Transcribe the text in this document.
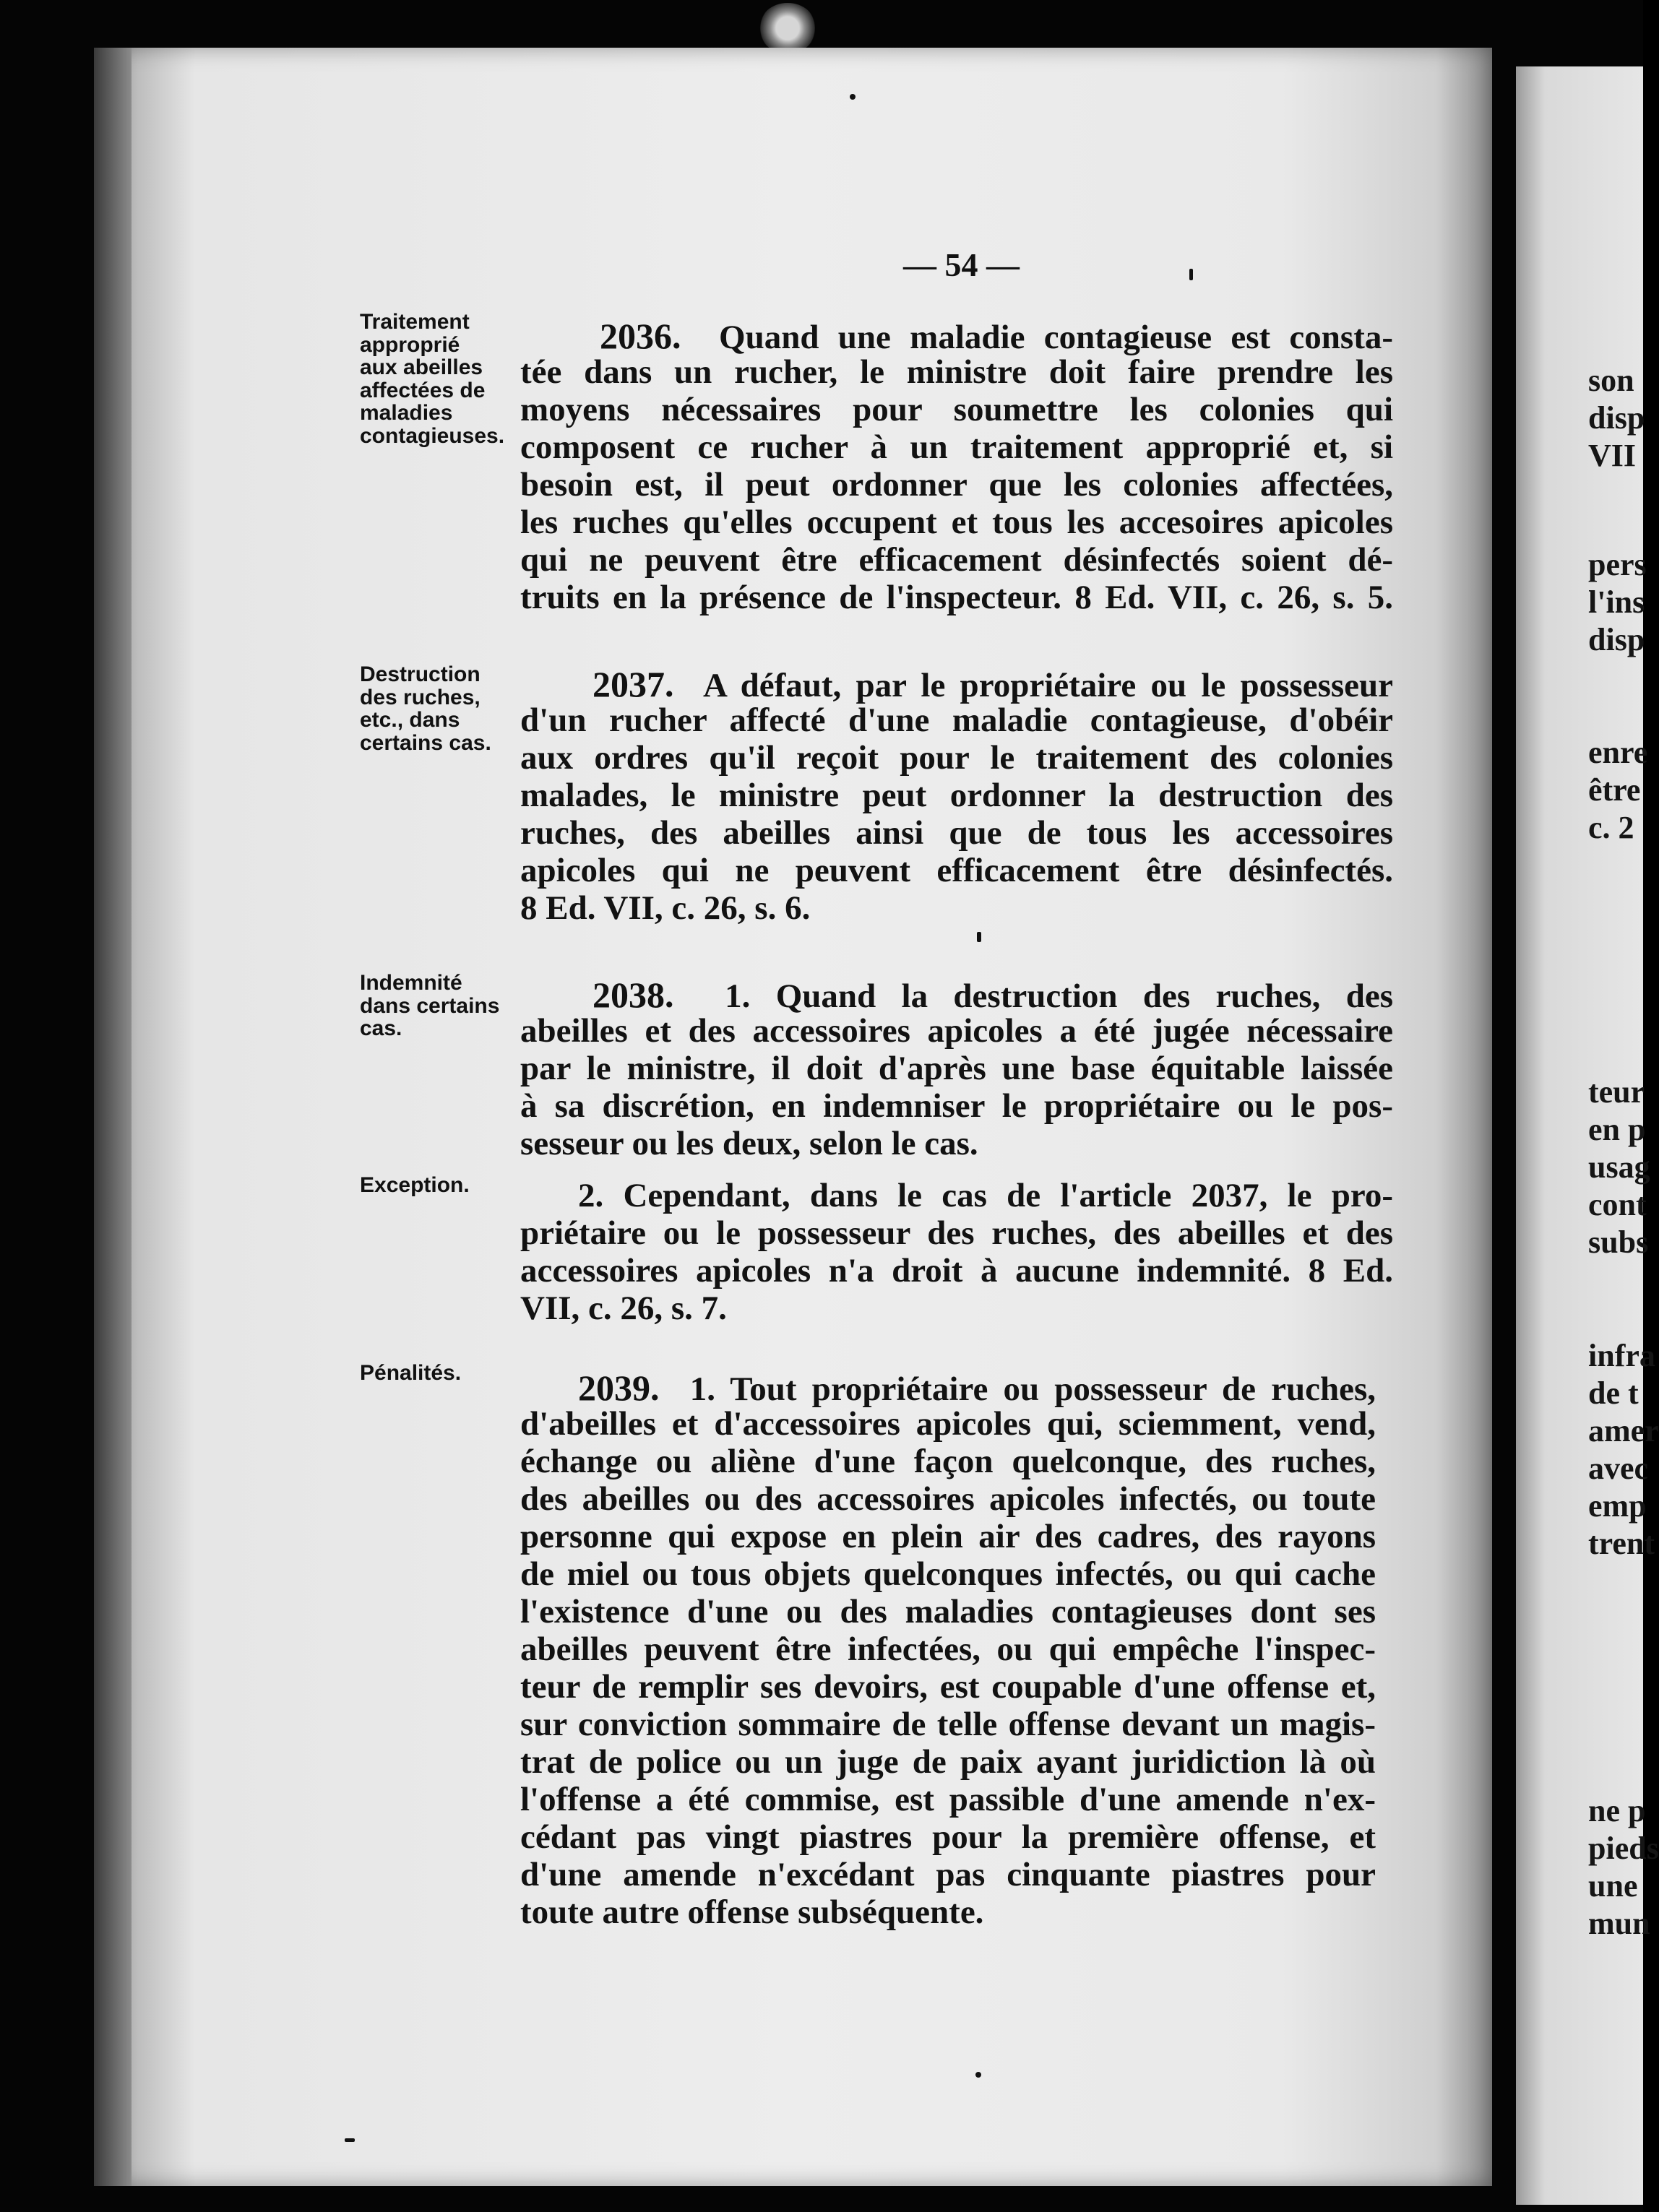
— 54 —
Traitement
approprié
aux abeilles
affectées de
maladies
contagieuses.
Destruction
des ruches,
etc., dans
certains cas.
Indemnité
dans certains
cas.
Exception.
Pénalités.
2036. Quand une maladie contagieuse est consta-
tée dans un rucher, le ministre doit faire prendre les
moyens nécessaires pour soumettre les colonies qui
composent ce rucher à un traitement approprié et, si
besoin est, il peut ordonner que les colonies affectées,
les ruches qu'elles occupent et tous les accesoires apicoles
qui ne peuvent être efficacement désinfectés soient dé-
truits en la présence de l'inspecteur. 8 Ed. VII, c. 26, s. 5.
2037. A défaut, par le propriétaire ou le possesseur
d'un rucher affecté d'une maladie contagieuse, d'obéir
aux ordres qu'il reçoit pour le traitement des colonies
malades, le ministre peut ordonner la destruction des
ruches, des abeilles ainsi que de tous les accessoires
apicoles qui ne peuvent efficacement être désinfectés.
8 Ed. VII, c. 26, s. 6.
2038. 1. Quand la destruction des ruches, des
abeilles et des accessoires apicoles a été jugée nécessaire
par le ministre, il doit d'après une base équitable laissée
à sa discrétion, en indemniser le propriétaire ou le pos-
sesseur ou les deux, selon le cas.
2. Cependant, dans le cas de l'article 2037, le pro-
priétaire ou le possesseur des ruches, des abeilles et des
accessoires apicoles n'a droit à aucune indemnité. 8 Ed.
VII, c. 26, s. 7.
2039. 1. Tout propriétaire ou possesseur de ruches,
d'abeilles et d'accessoires apicoles qui, sciemment, vend,
échange ou aliène d'une façon quelconque, des ruches,
des abeilles ou des accessoires apicoles infectés, ou toute
personne qui expose en plein air des cadres, des rayons
de miel ou tous objets quelconques infectés, ou qui cache
l'existence d'une ou des maladies contagieuses dont ses
abeilles peuvent être infectées, ou qui empêche l'inspec-
teur de remplir ses devoirs, est coupable d'une offense et,
sur conviction sommaire de telle offense devant un magis-
trat de police ou un juge de paix ayant juridiction là où
l'offense a été commise, est passible d'une amende n'ex-
cédant pas vingt piastres pour la première offense, et
d'une amende n'excédant pas cinquante piastres pour
toute autre offense subséquente.
son
disp
VII
pers
l'ins
disp
enre
être
c. 2
teur
en p
usag
cont
subs
infra
de t
amer
avec
emp
trent
ne p
pieds
une
mun
